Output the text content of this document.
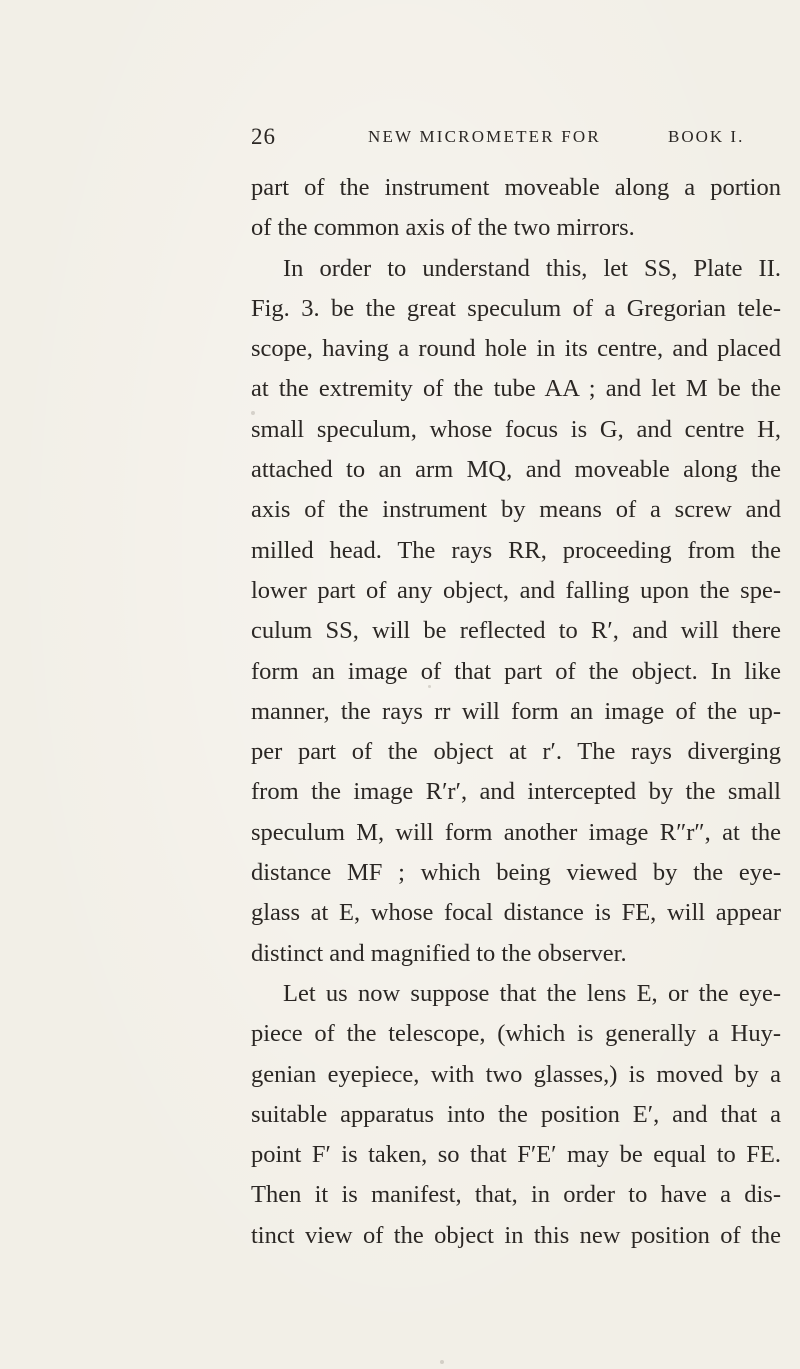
26	NEW MICROMETER FOR	BOOK I.
part of the instrument moveable along a portion
of the common axis of the two mirrors.
In order to understand this, let SS, Plate II.
Fig. 3. be the great speculum of a Gregorian tele-
scope, having a round hole in its centre, and placed
at the extremity of the tube AA ; and let M be the
small speculum, whose focus is G, and centre H,
attached to an arm MQ, and moveable along the
axis of the instrument by means of a screw and
milled head. The rays RR, proceeding from the
lower part of any object, and falling upon the spe-
culum SS, will be reflected to R′, and will there
form an image of that part of the object. In like
manner, the rays rr will form an image of the up-
per part of the object at r′. The rays diverging
from the image R′r′, and intercepted by the small
speculum M, will form another image R″r″, at the
distance MF ; which being viewed by the eye-
glass at E, whose focal distance is FE, will appear
distinct and magnified to the observer.
Let us now suppose that the lens E, or the eye-
piece of the telescope, (which is generally a Huy-
genian eyepiece, with two glasses,) is moved by a
suitable apparatus into the position E′, and that a
point F′ is taken, so that F′E′ may be equal to FE.
Then it is manifest, that, in order to have a dis-
tinct view of the object in this new position of the
